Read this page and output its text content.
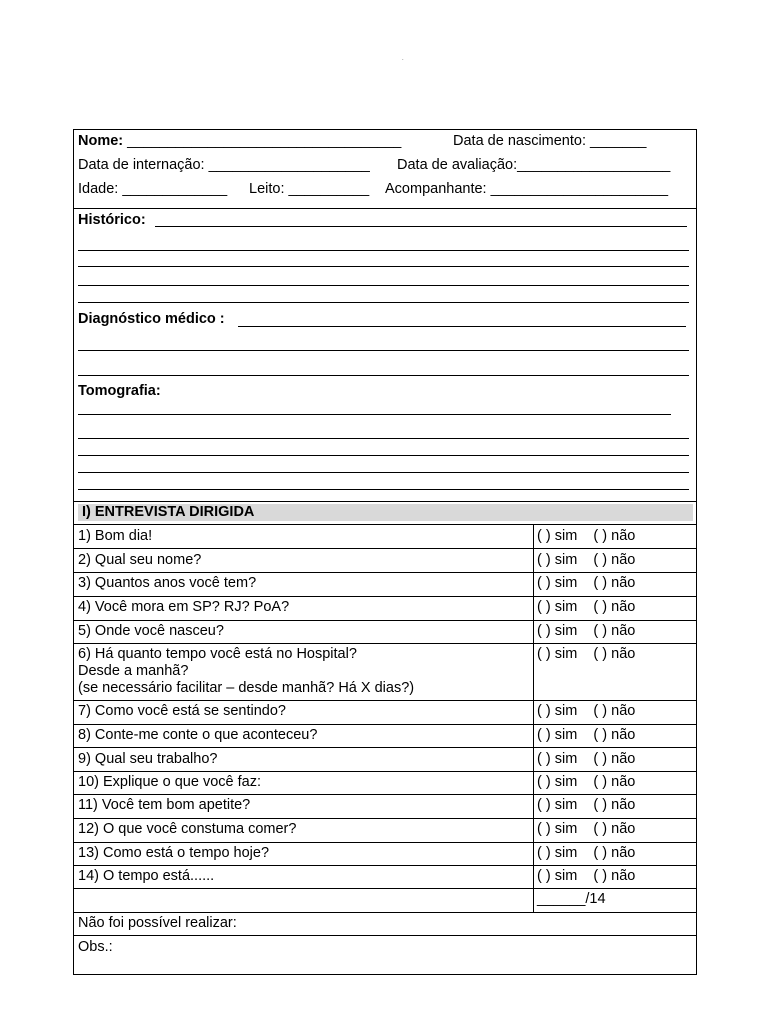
.
Nome: __________________________________	Data de nascimento: _______
Data de internação: ____________________ Data de avaliação:___________________
Idade: _____________ Leito: __________ Acompanhante: ______________________
Histórico:
Diagnóstico médico :
Tomografia:
I) ENTREVISTA DIRIGIDA
1) Bom dia!	( ) sim ( ) não
2) Qual seu nome?	( ) sim ( ) não
3) Quantos anos você tem?	( ) sim ( ) não
4) Você mora em SP? RJ? PoA?	( ) sim ( ) não
5) Onde você nasceu?	( ) sim ( ) não
6) Há quanto tempo você está no Hospital?
Desde a manhã?
(se necessário facilitar – desde manhã? Há X dias?)
( ) sim ( ) não
7) Como você está se sentindo?	( ) sim ( ) não
8) Conte-me conte o que aconteceu?	( ) sim ( ) não
9) Qual seu trabalho?	( ) sim ( ) não
10) Explique o que você faz:	( ) sim ( ) não
11) Você tem bom apetite?	( ) sim ( ) não
12) O que você constuma comer?	( ) sim ( ) não
13) Como está o tempo hoje?	( ) sim ( ) não
14) O tempo está......	( ) sim ( ) não
______/14
Não foi possível realizar:
Obs.:
